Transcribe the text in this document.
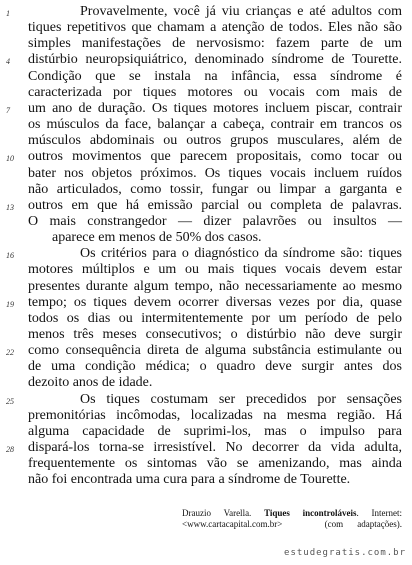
1
4
7
10
13
16
19
22
25
28
Provavelmente, você já viu crianças e até adultos com
tiques repetitivos que chamam a atenção de todos. Eles não são
simples manifestações de nervosismo: fazem parte de um
distúrbio neuropsiquiátrico, denominado síndrome de Tourette.
Condição que se instala na infância, essa síndrome é
caracterizada por tiques motores ou vocais com mais de
um ano de duração. Os tiques motores incluem piscar, contrair
os músculos da face, balançar a cabeça, contrair em trancos os
músculos abdominais ou outros grupos musculares, além de
outros movimentos que parecem propositais, como tocar ou
bater nos objetos próximos. Os tiques vocais incluem ruídos
não articulados, como tossir, fungar ou limpar a garganta e
outros em que há emissão parcial ou completa de palavras.
O mais constrangedor — dizer palavrões ou insultos —
aparece em menos de 50% dos casos.
Os critérios para o diagnóstico da síndrome são: tiques
motores múltiplos e um ou mais tiques vocais devem estar
presentes durante algum tempo, não necessariamente ao mesmo
tempo; os tiques devem ocorrer diversas vezes por dia, quase
todos os dias ou intermitentemente por um período de pelo
menos três meses consecutivos; o distúrbio não deve surgir
como consequência direta de alguma substância estimulante ou
de uma condição médica; o quadro deve surgir antes dos
dezoito anos de idade.
Os tiques costumam ser precedidos por sensações
premonitórias incômodas, localizadas na mesma região. Há
alguma capacidade de suprimi-los, mas o impulso para
dispará-los torna-se irresistível. No decorrer da vida adulta,
frequentemente os sintomas vão se amenizando, mas ainda
não foi encontrada uma cura para a síndrome de Tourette.
Drauzio Varella. Tiques incontroláveis. Internet:
<www.cartacapital.com.br>	(com adaptações).
estudegratis.com.br
